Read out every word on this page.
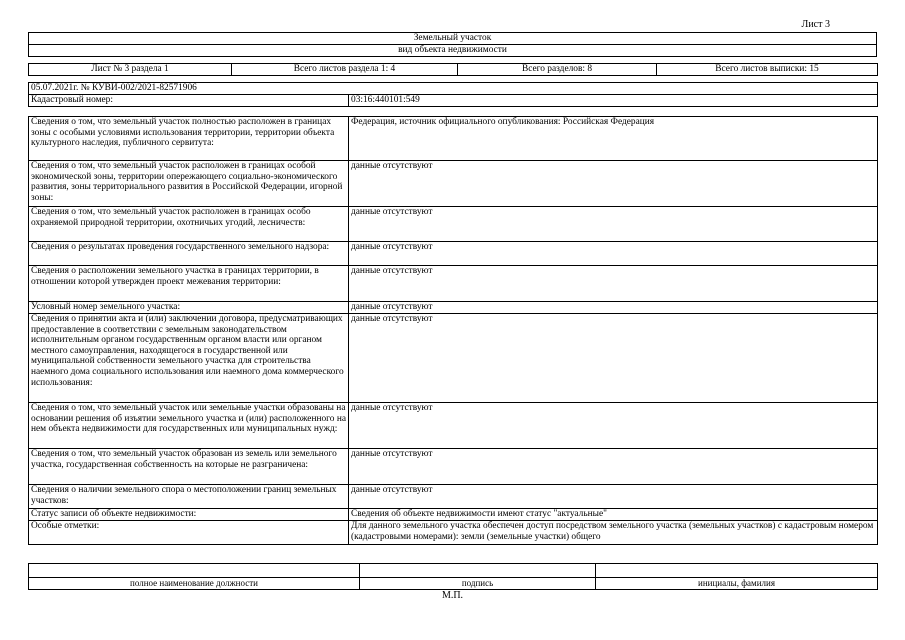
Лист 3
Земельный участок
вид объекта недвижимости
Лист № 3 раздела 1	Всего листов раздела 1: 4	Всего разделов: 8	Всего листов выписки: 15
05.07.2021г. № КУВИ-002/2021-82571906
Кадастровый номер:	03:16:440101:549
Сведения о том, что земельный участок полностью расположен в границах зоны с особыми условиями использования территории, территории объекта культурного наследия, публичного сервитута:	Федерация, источник официального опубликования: Российская Федерация
Сведения о том, что земельный участок расположен в границах особой экономической зоны, территории опережающего социально-экономического развития, зоны территориального развития в Российской Федерации, игорной зоны:	данные отсутствуют
Сведения о том, что земельный участок расположен в границах особо охраняемой природной территории, охотничьих угодий, лесничеств:	данные отсутствуют
Сведения о результатах проведения государственного земельного надзора:	данные отсутствуют
Сведения о расположении земельного участка в границах территории, в отношении которой утвержден проект межевания территории:	данные отсутствуют
Условный номер земельного участка:	данные отсутствуют
Сведения о принятии акта и (или) заключении договора, предусматривающих предоставление в соответствии с земельным законодательством исполнительным органом государственным органом власти или органом местного самоуправления, находящегося в государственной или муниципальной собственности земельного участка для строительства наемного дома социального использования или наемного дома коммерческого использования:	данные отсутствуют
Сведения о том, что земельный участок или земельные участки образованы на основании решения об изъятии земельного участка и (или) расположенного на нем объекта недвижимости для государственных или муниципальных нужд:	данные отсутствуют
Сведения о том, что земельный участок образован из земель или земельного участка, государственная собственность на которые не разграничена:	данные отсутствуют
Сведения о наличии земельного спора о местоположении границ земельных участков:	данные отсутствуют
Статус записи об объекте недвижимости:	Сведения об объекте недвижимости имеют статус "актуальные"
Особые отметки:	Для данного земельного участка обеспечен доступ посредством земельного участка (земельных участков) с кадастровым номером (кадастровыми номерами): земли (земельные участки) общего

полное наименование должности	подпись	инициалы, фамилия
М.П.
